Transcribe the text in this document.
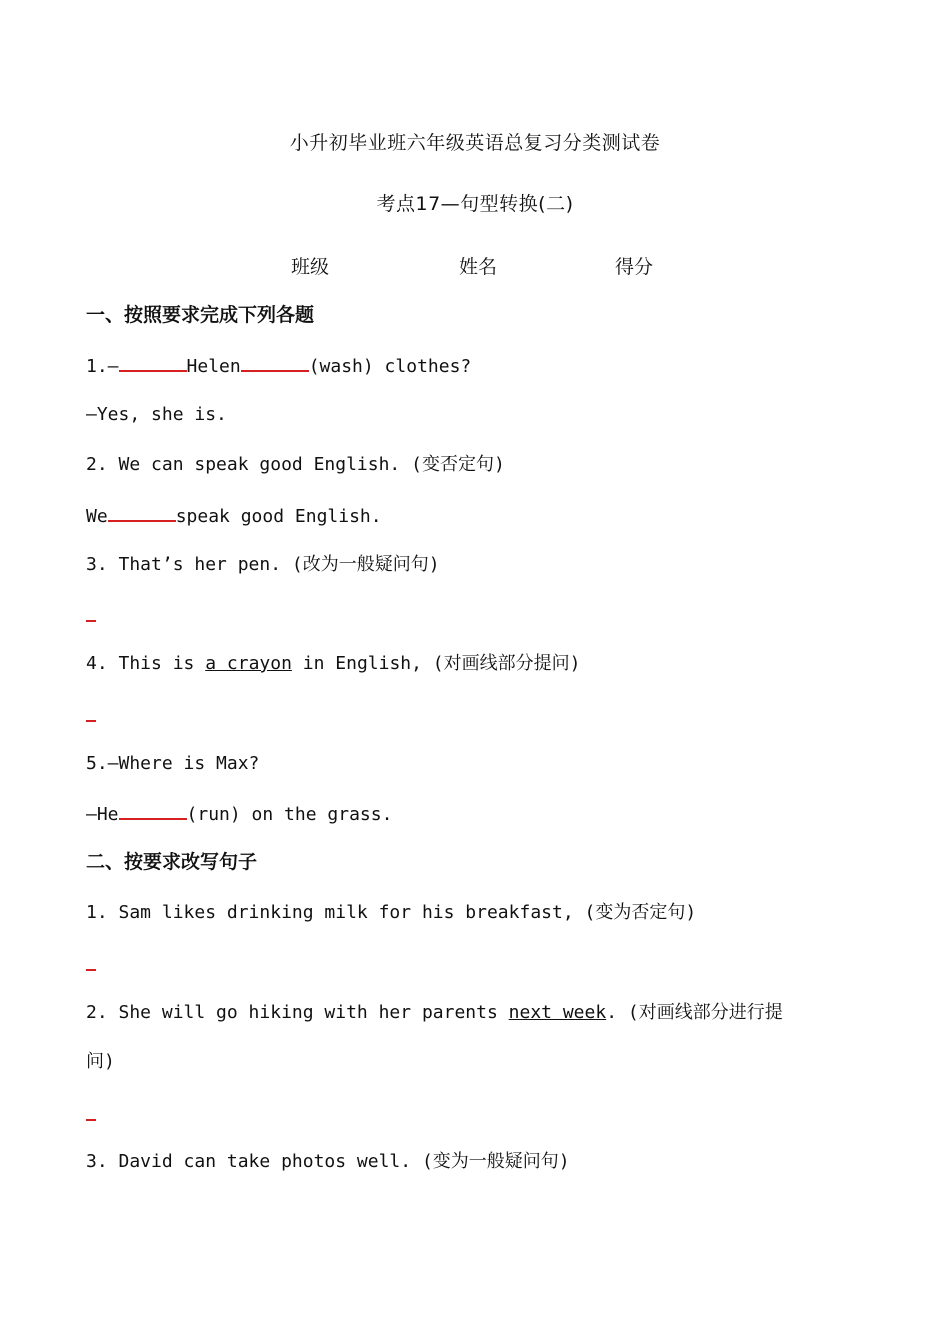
小升初毕业班六年级英语总复习分类测试卷
考点17—句型转换(二)
班级	姓名	得分
一、按照要求完成下列各题
1.—	Helen	(wash) clothes?
—Yes, she is.
2. We can speak good English. (变否定句)
We	speak good English.
3. That’s her pen. (改为一般疑问句)
4. This is a crayon in English, (对画线部分提问)
5.—Where is Max?
—He	(run) on the grass.
二、按要求改写句子
1. Sam likes drinking milk for his breakfast, (变为否定句)
2. She will go hiking with her parents next week. (对画线部分进行提
问)
3. David can take photos well. (变为一般疑问句)
